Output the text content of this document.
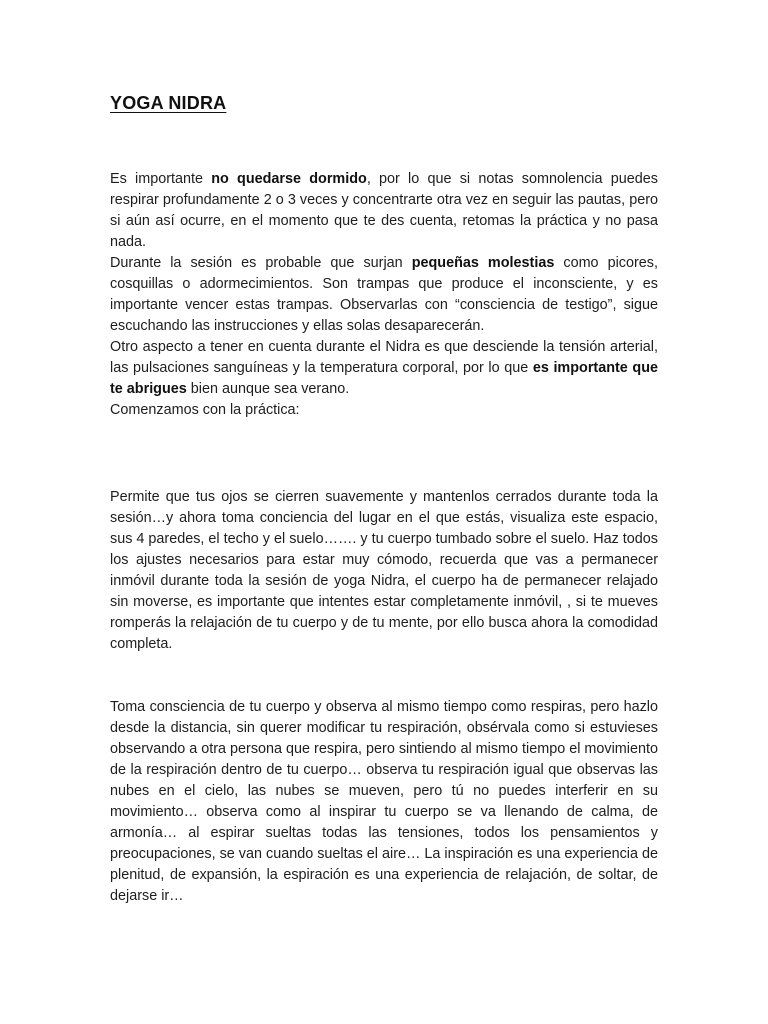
YOGA NIDRA

Es importante no quedarse dormido, por lo que si notas somnolencia puedes respirar profundamente 2 o 3 veces y concentrarte otra vez en seguir las pautas, pero si aún así ocurre, en el momento que te des cuenta, retomas la práctica y no pasa nada.

Durante la sesión es probable que surjan pequeñas molestias como picores, cosquillas o adormecimientos. Son trampas que produce el inconsciente, y es importante vencer estas trampas. Observarlas con “consciencia de testigo”, sigue escuchando las instrucciones y ellas solas desaparecerán.

Otro aspecto a tener en cuenta durante el Nidra es que desciende la tensión arterial, las pulsaciones sanguíneas y la temperatura corporal, por lo que es importante que te abrigues bien aunque sea verano.

Comenzamos con la práctica:

Permite que tus ojos se cierren suavemente y mantenlos cerrados durante toda la sesión…y ahora toma conciencia del lugar en el que estás, visualiza este espacio, sus 4 paredes, el techo y el suelo……. y tu cuerpo tumbado sobre el suelo. Haz todos los ajustes necesarios para estar muy cómodo, recuerda que vas a permanecer inmóvil durante toda la sesión de yoga Nidra, el cuerpo ha de permanecer relajado sin moverse, es importante que intentes estar completamente inmóvil, , si te mueves romperás la relajación de tu cuerpo y de tu mente, por ello busca ahora la comodidad completa.

Toma consciencia de tu cuerpo y observa al mismo tiempo como respiras, pero hazlo desde la distancia, sin querer modificar tu respiración, obsérvala como si estuvieses observando a otra persona que respira, pero sintiendo al mismo tiempo el movimiento de la respiración dentro de tu cuerpo… observa tu respiración igual que observas las nubes en el cielo, las nubes se mueven, pero tú no puedes interferir en su movimiento… observa como al inspirar tu cuerpo se va llenando de calma, de armonía… al espirar sueltas todas las tensiones, todos los pensamientos y preocupaciones, se van cuando sueltas el aire… La inspiración es una experiencia de plenitud, de expansión, la espiración es una experiencia de relajación, de soltar, de dejarse ir…
